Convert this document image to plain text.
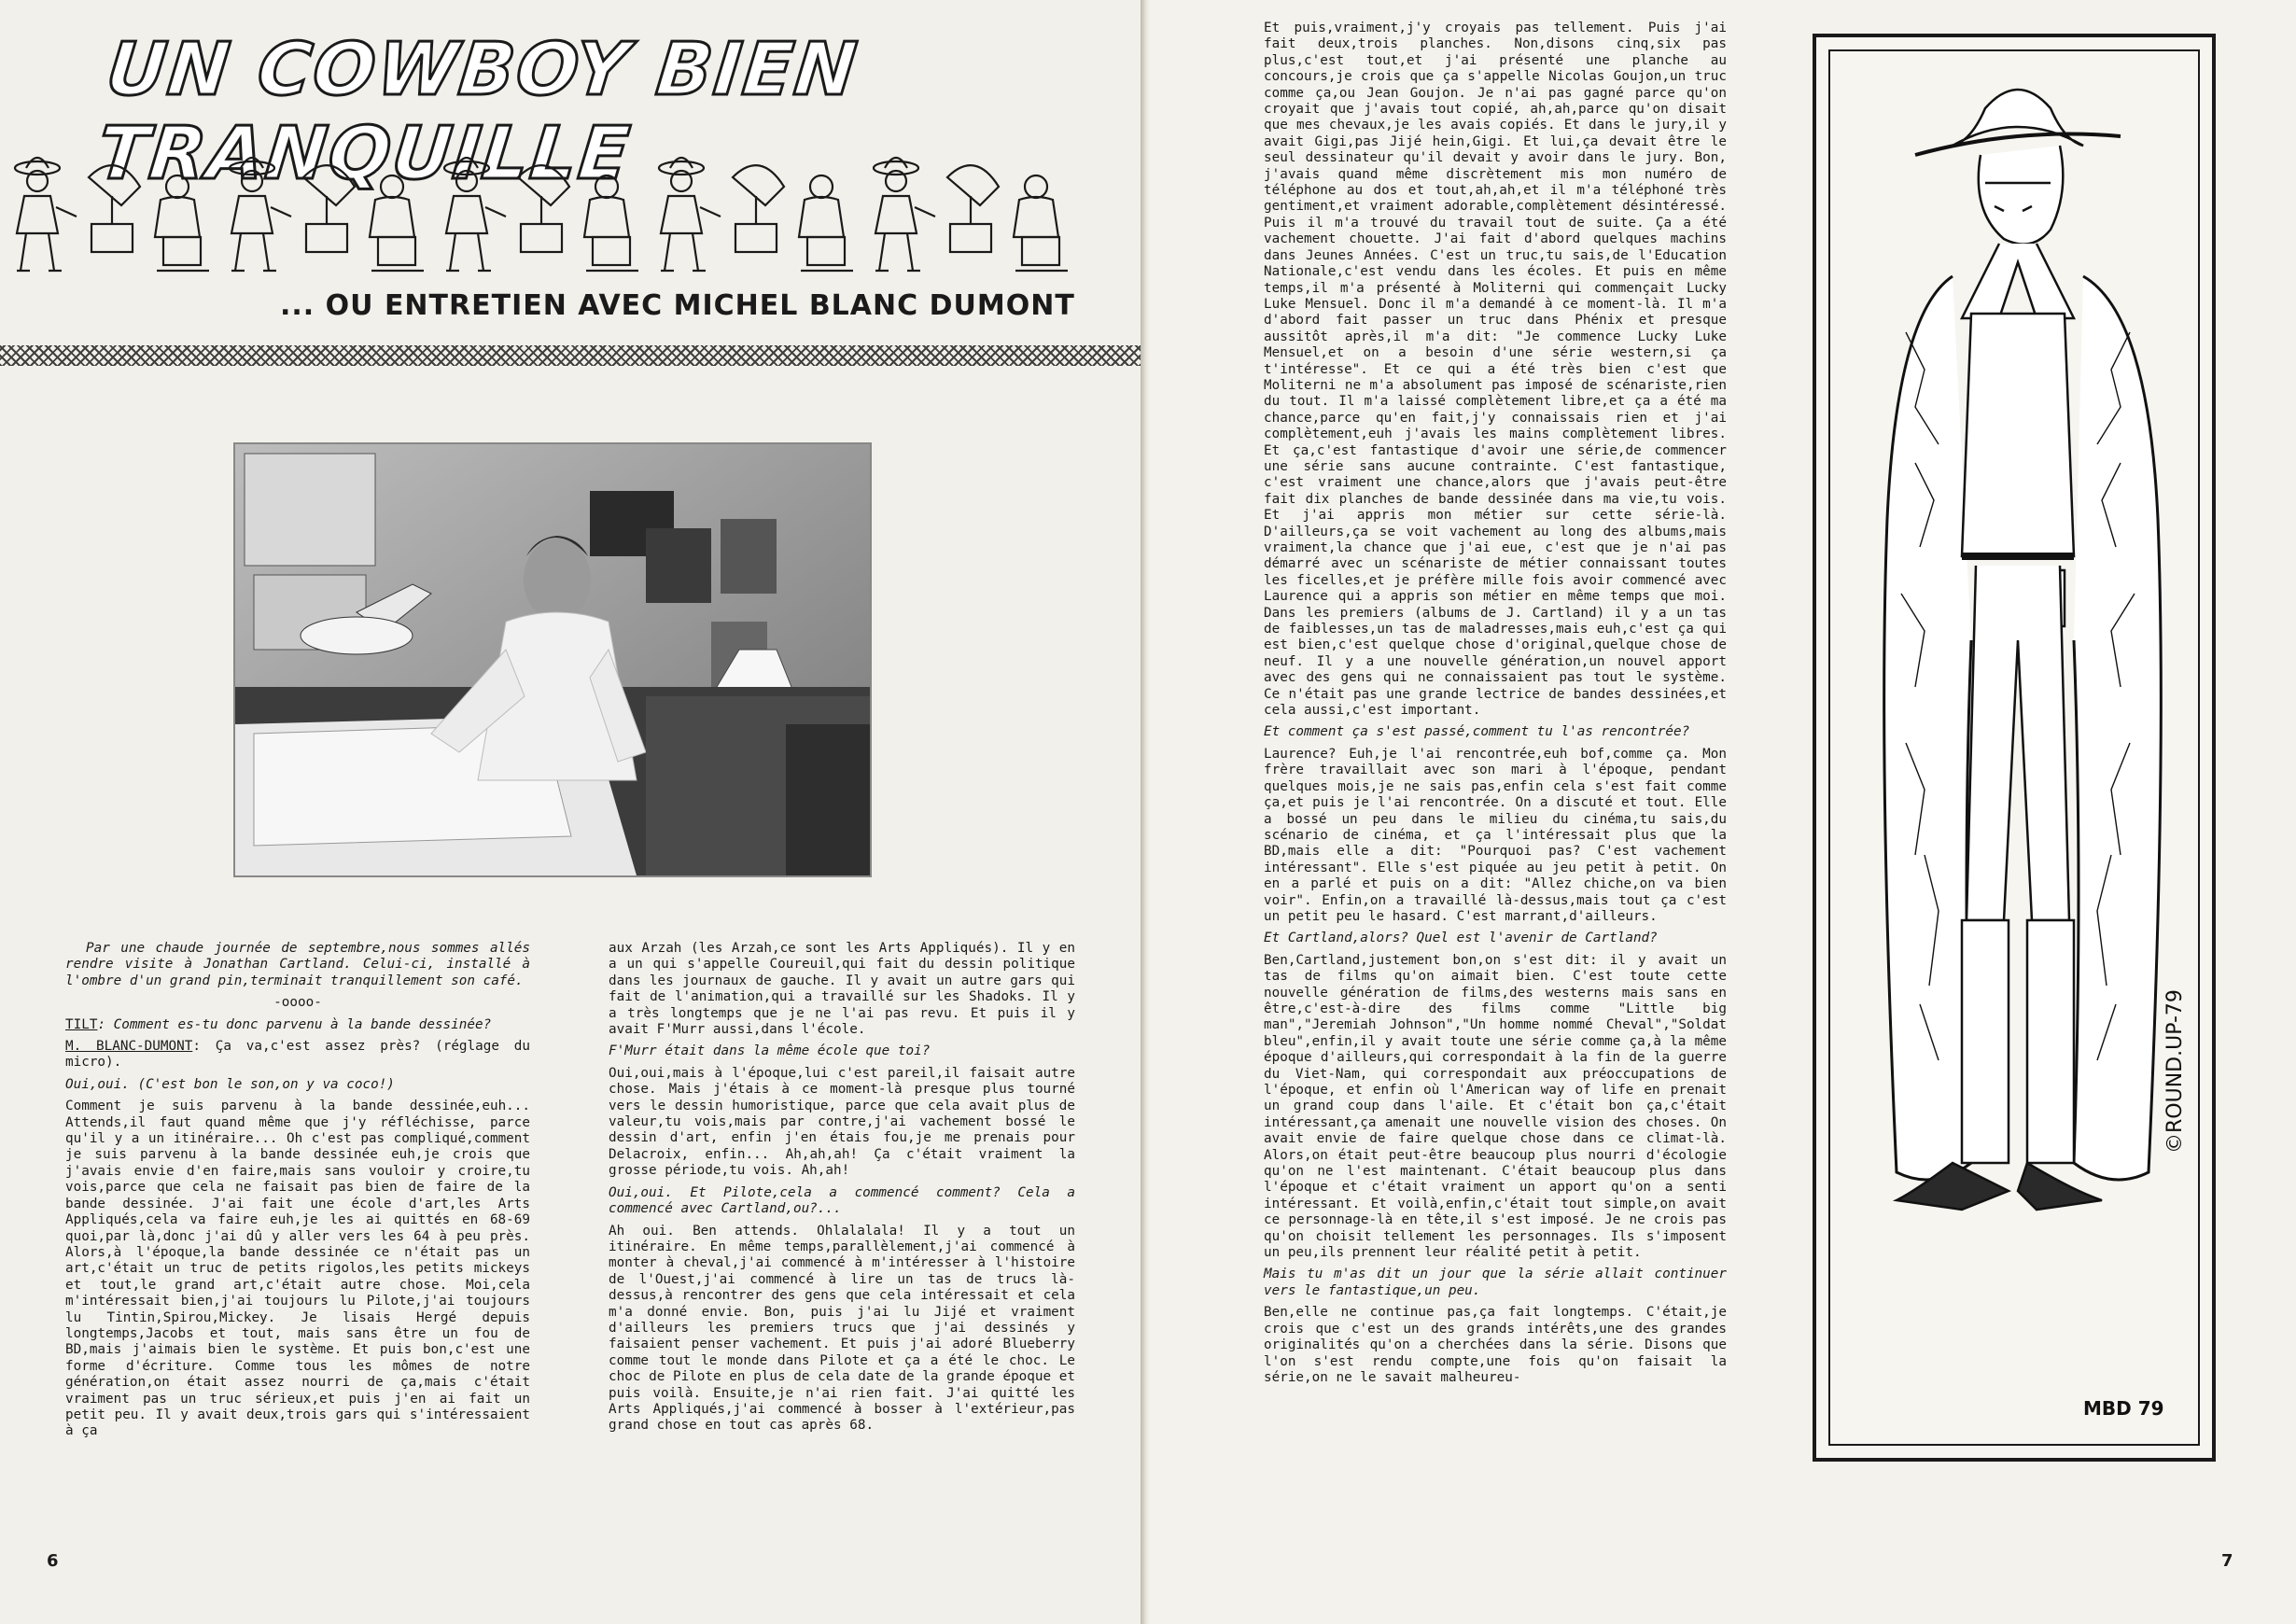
UN COWBOY BIEN TRANQUILLE
... OU ENTRETIEN AVEC MICHEL BLANC DUMONT

Par une chaude journée de septembre,nous sommes allés rendre visite à Jonathan Cartland. Celui-ci, installé à l'ombre d'un grand pin,terminait tranquillement son café.

-oooo-

TILT: Comment es-tu donc parvenu à la bande dessinée?

M. BLANC-DUMONT: Ça va,c'est assez près? (réglage du micro).

Oui,oui. (C'est bon le son,on y va coco!)

Comment je suis parvenu à la bande dessinée,euh... Attends,il faut quand même que j'y réfléchisse, parce qu'il y a un itinéraire... Oh c'est pas compliqué,comment je suis parvenu à la bande dessinée euh,je crois que j'avais envie d'en faire,mais sans vouloir y croire,tu vois,parce que cela ne faisait pas bien de faire de la bande dessinée. J'ai fait une école d'art,les Arts Appliqués,cela va faire euh,je les ai quittés en 68-69 quoi,par là,donc j'ai dû y aller vers les 64 à peu près. Alors,à l'époque,la bande dessinée ce n'était pas un art,c'était un truc de petits rigolos,les petits mickeys et tout,le grand art,c'était autre chose. Moi,cela m'intéressait bien,j'ai toujours lu Pilote,j'ai toujours lu Tintin,Spirou,Mickey. Je lisais Hergé depuis longtemps,Jacobs et tout, mais sans être un fou de BD,mais j'aimais bien le système. Et puis bon,c'est une forme d'écriture. Comme tous les mômes de notre génération,on était assez nourri de ça,mais c'était vraiment pas un truc sérieux,et puis j'en ai fait un petit peu. Il y avait deux,trois gars qui s'intéressaient à ça

aux Arzah (les Arzah,ce sont les Arts Appliqués). Il y en a un qui s'appelle Coureuil,qui fait du dessin politique dans les journaux de gauche. Il y avait un autre gars qui fait de l'animation,qui a travaillé sur les Shadoks. Il y a très longtemps que je ne l'ai pas revu. Et puis il y avait F'Murr aussi,dans l'école.

F'Murr était dans la même école que toi?

Oui,oui,mais à l'époque,lui c'est pareil,il faisait autre chose. Mais j'étais à ce moment-là presque plus tourné vers le dessin humoristique, parce que cela avait plus de valeur,tu vois,mais par contre,j'ai vachement bossé le dessin d'art, enfin j'en étais fou,je me prenais pour Delacroix, enfin... Ah,ah,ah! Ça c'était vraiment la grosse période,tu vois. Ah,ah!

Oui,oui. Et Pilote,cela a commencé comment? Cela a commencé avec Cartland,ou?...

Ah oui. Ben attends. Ohlalalala! Il y a tout un itinéraire. En même temps,parallèlement,j'ai commencé à monter à cheval,j'ai commencé à m'intéresser à l'histoire de l'Ouest,j'ai commencé à lire un tas de trucs là-dessus,à rencontrer des gens que cela intéressait et cela m'a donné envie. Bon, puis j'ai lu Jijé et vraiment d'ailleurs les premiers trucs que j'ai dessinés y faisaient penser vachement. Et puis j'ai adoré Blueberry comme tout le monde dans Pilote et ça a été le choc. Le choc de Pilote en plus de cela date de la grande époque et puis voilà. Ensuite,je n'ai rien fait. J'ai quitté les Arts Appliqués,j'ai commencé à bosser à l'extérieur,pas grand chose en tout cas après 68.

6

Et puis,vraiment,j'y croyais pas tellement. Puis j'ai fait deux,trois planches. Non,disons cinq,six pas plus,c'est tout,et j'ai présenté une planche au concours,je crois que ça s'appelle Nicolas Goujon,un truc comme ça,ou Jean Goujon. Je n'ai pas gagné parce qu'on croyait que j'avais tout copié, ah,ah,parce qu'on disait que mes chevaux,je les avais copiés. Et dans le jury,il y avait Gigi,pas Jijé hein,Gigi. Et lui,ça devait être le seul dessinateur qu'il devait y avoir dans le jury. Bon, j'avais quand même discrètement mis mon numéro de téléphone au dos et tout,ah,ah,et il m'a téléphoné très gentiment,et vraiment adorable,complètement désintéressé. Puis il m'a trouvé du travail tout de suite. Ça a été vachement chouette. J'ai fait d'abord quelques machins dans Jeunes Années. C'est un truc,tu sais,de l'Education Nationale,c'est vendu dans les écoles. Et puis en même temps,il m'a présenté à Moliterni qui commençait Lucky Luke Mensuel. Donc il m'a demandé à ce moment-là. Il m'a d'abord fait passer un truc dans Phénix et presque aussitôt après,il m'a dit: "Je commence Lucky Luke Mensuel,et on a besoin d'une série western,si ça t'intéresse". Et ce qui a été très bien c'est que Moliterni ne m'a absolument pas imposé de scénariste,rien du tout. Il m'a laissé complètement libre,et ça a été ma chance,parce qu'en fait,j'y connaissais rien et j'ai complètement,euh j'avais les mains complètement libres. Et ça,c'est fantastique d'avoir une série,de commencer une série sans aucune contrainte. C'est fantastique, c'est vraiment une chance,alors que j'avais peut-être fait dix planches de bande dessinée dans ma vie,tu vois. Et j'ai appris mon métier sur cette série-là. D'ailleurs,ça se voit vachement au long des albums,mais vraiment,la chance que j'ai eue, c'est que je n'ai pas démarré avec un scénariste de métier connaissant toutes les ficelles,et je préfère mille fois avoir commencé avec Laurence qui a appris son métier en même temps que moi. Dans les premiers (albums de J. Cartland) il y a un tas de faiblesses,un tas de maladresses,mais euh,c'est ça qui est bien,c'est quelque chose d'original,quelque chose de neuf. Il y a une nouvelle génération,un nouvel apport avec des gens qui ne connaissaient pas tout le système. Ce n'était pas une grande lectrice de bandes dessinées,et cela aussi,c'est important.

Et comment ça s'est passé,comment tu l'as rencontrée?

Laurence? Euh,je l'ai rencontrée,euh bof,comme ça. Mon frère travaillait avec son mari à l'époque, pendant quelques mois,je ne sais pas,enfin cela s'est fait comme ça,et puis je l'ai rencontrée. On a discuté et tout. Elle a bossé un peu dans le milieu du cinéma,tu sais,du scénario de cinéma, et ça l'intéressait plus que la BD,mais elle a dit: "Pourquoi pas? C'est vachement intéressant". Elle s'est piquée au jeu petit à petit. On en a parlé et puis on a dit: "Allez chiche,on va bien voir". Enfin,on a travaillé là-dessus,mais tout ça c'est un petit peu le hasard. C'est marrant,d'ailleurs.

Et Cartland,alors? Quel est l'avenir de Cartland?

Ben,Cartland,justement bon,on s'est dit: il y avait un tas de films qu'on aimait bien. C'est toute cette nouvelle génération de films,des westerns mais sans en être,c'est-à-dire des films comme "Little big man","Jeremiah Johnson","Un homme nommé Cheval","Soldat bleu",enfin,il y avait toute une série comme ça,à la même époque d'ailleurs,qui correspondait à la fin de la guerre du Viet-Nam, qui correspondait aux préoccupations de l'époque, et enfin où l'American way of life en prenait un grand coup dans l'aile. Et c'était bon ça,c'était intéressant,ça amenait une nouvelle vision des choses. On avait envie de faire quelque chose dans ce climat-là. Alors,on était peut-être beaucoup plus nourri d'écologie qu'on ne l'est maintenant. C'était beaucoup plus dans l'époque et c'était vraiment un apport qu'on a senti intéressant. Et voilà,enfin,c'était tout simple,on avait ce personnage-là en tête,il s'est imposé. Je ne crois pas qu'on choisit tellement les personnages. Ils s'imposent un peu,ils prennent leur réalité petit à petit.

Mais tu m'as dit un jour que la série allait continuer vers le fantastique,un peu.

Ben,elle ne continue pas,ça fait longtemps. C'était,je crois que c'est un des grands intérêts,une des grandes originalités qu'on a cherchées dans la série. Disons que l'on s'est rendu compte,une fois qu'on faisait la série,on ne le savait malheureu-

©ROUND.UP-79
MBD 79
7
